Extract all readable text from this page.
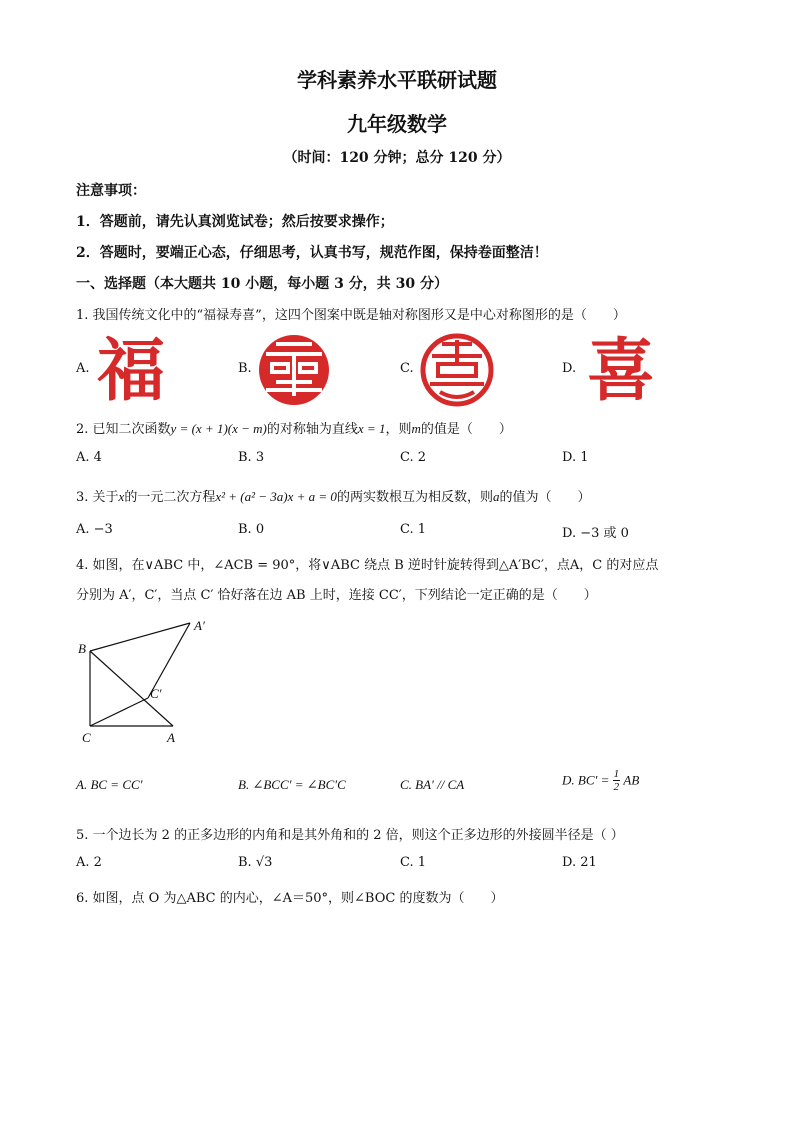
学科素养水平联研试题
九年级数学
（时间：120 分钟；总分 120 分）
注意事项：
1．答题前，请先认真浏览试卷；然后按要求操作；
2．答题时，要端正心态，仔细思考，认真书写，规范作图，保持卷面整洁！
一、选择题（本大题共 10 小题，每小题 3 分，共 30 分）
1. 我国传统文化中的“福禄寿喜”，这四个图案中既是轴对称图形又是中心对称图形的是（　　）
A.	B.	C.	D.
福	喜
2. 已知二次函数y = (x + 1)(x − m)的对称轴为直线x = 1，则m的值是（　　）
A. 4	B. 3	C. 2	D. 1
3. 关于x的一元二次方程x² + (a² − 3a)x + a = 0的两实数根互为相反数，则a的值为（　　）
A. −3	B. 0	C. 1	D. −3 或 0
4. 如图，在∨ABC 中，∠ACB = 90°，将∨ABC 绕点 B 逆时针旋转得到△A′BC′，点A，C 的对应点
分别为 A′，C′，当点 C′ 恰好落在边 AB 上时，连接 CC′，下列结论一定正确的是（　　）
B
C	A
A′
C′
A. BC = CC′	B. ∠BCC′ = ∠BC′C	C. BA′ // CA	D. $BC' = \frac{1}{2}$ AB
5. 一个边长为 2 的正多边形的内角和是其外角和的 2 倍，则这个正多边形的外接圆半径是（ ）
A. 2	B. √3	C. 1	D. 21
6. 如图，点 O 为△ABC 的内心，∠A＝50°，则∠BOC 的度数为（　　）
